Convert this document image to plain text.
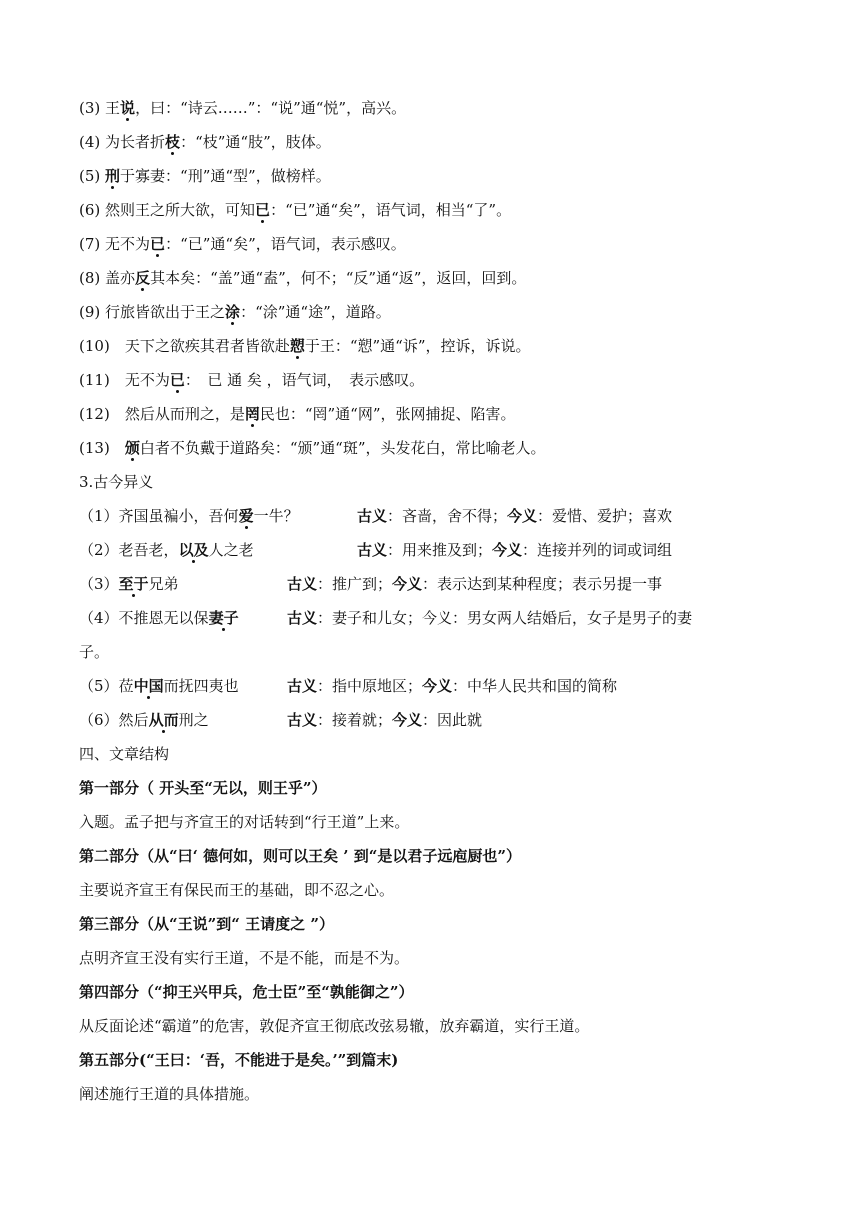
(3) 王说，曰：“诗云……”：“说”通“悦”，高兴。
(4) 为长者折枝：“枝”通“肢”，肢体。
(5) 刑于寡妻：“刑”通“型”，做榜样。
(6) 然则王之所大欲，可知已：“已”通“矣”，语气词，相当“了”。
(7) 无不为已：“已”通“矣”，语气词，表示感叹。
(8) 盖亦反其本矣：“盖”通“盍”，何不；“反”通“返”，返回，回到。
(9) 行旅皆欲出于王之涂：“涂”通“途”，道路。
(10)　 天下之欲疾其君者皆欲赴愬于王：“愬”通“诉”，控诉，诉说。
(11)　 无不为已：　已 通 矣 ，语气词，　表示感叹。
(12)　 然后从而刑之，是罔民也：“罔”通“网”，张网捕捉、陷害。
(13)　 颁白者不负戴于道路矣：“颁”通“斑”，头发花白，常比喻老人。
3.古今异义
（1）齐国虽褊小，吾何爱一牛？	古义：吝啬，舍不得；今义：爱惜、爱护；喜欢
（2）老吾老，以及人之老	古义：用来推及到；今义：连接并列的词或词组
（3）至于兄弟	古义：推广到；今义：表示达到某种程度；表示另提一事
（4）不推恩无以保妻子	古义：妻子和儿女；今义：男女两人结婚后，女子是男子的妻
子。
（5）莅中国而抚四夷也	古义：指中原地区；今义：中华人民共和国的简称
（6）然后从而刑之	古义：接着就；今义：因此就
四、文章结构
第一部分（ 开头至“无以，则王乎”）
入题。孟子把与齐宣王的对话转到“行王道”上来。
第二部分（从“曰‘ 德何如，则可以王矣 ’ 到“是以君子远庖厨也”）
主要说齐宣王有保民而王的基础，即不忍之心。
第三部分（从“王说”到“ 王请度之 ”）
点明齐宣王没有实行王道，不是不能，而是不为。
第四部分（“抑王兴甲兵，危士臣”至“孰能御之”）
从反面论述“霸道”的危害，敦促齐宣王彻底改弦易辙，放弃霸道，实行王道。
第五部分(“王曰：‘吾，不能进于是矣。’”到篇末)
阐述施行王道的具体措施。
